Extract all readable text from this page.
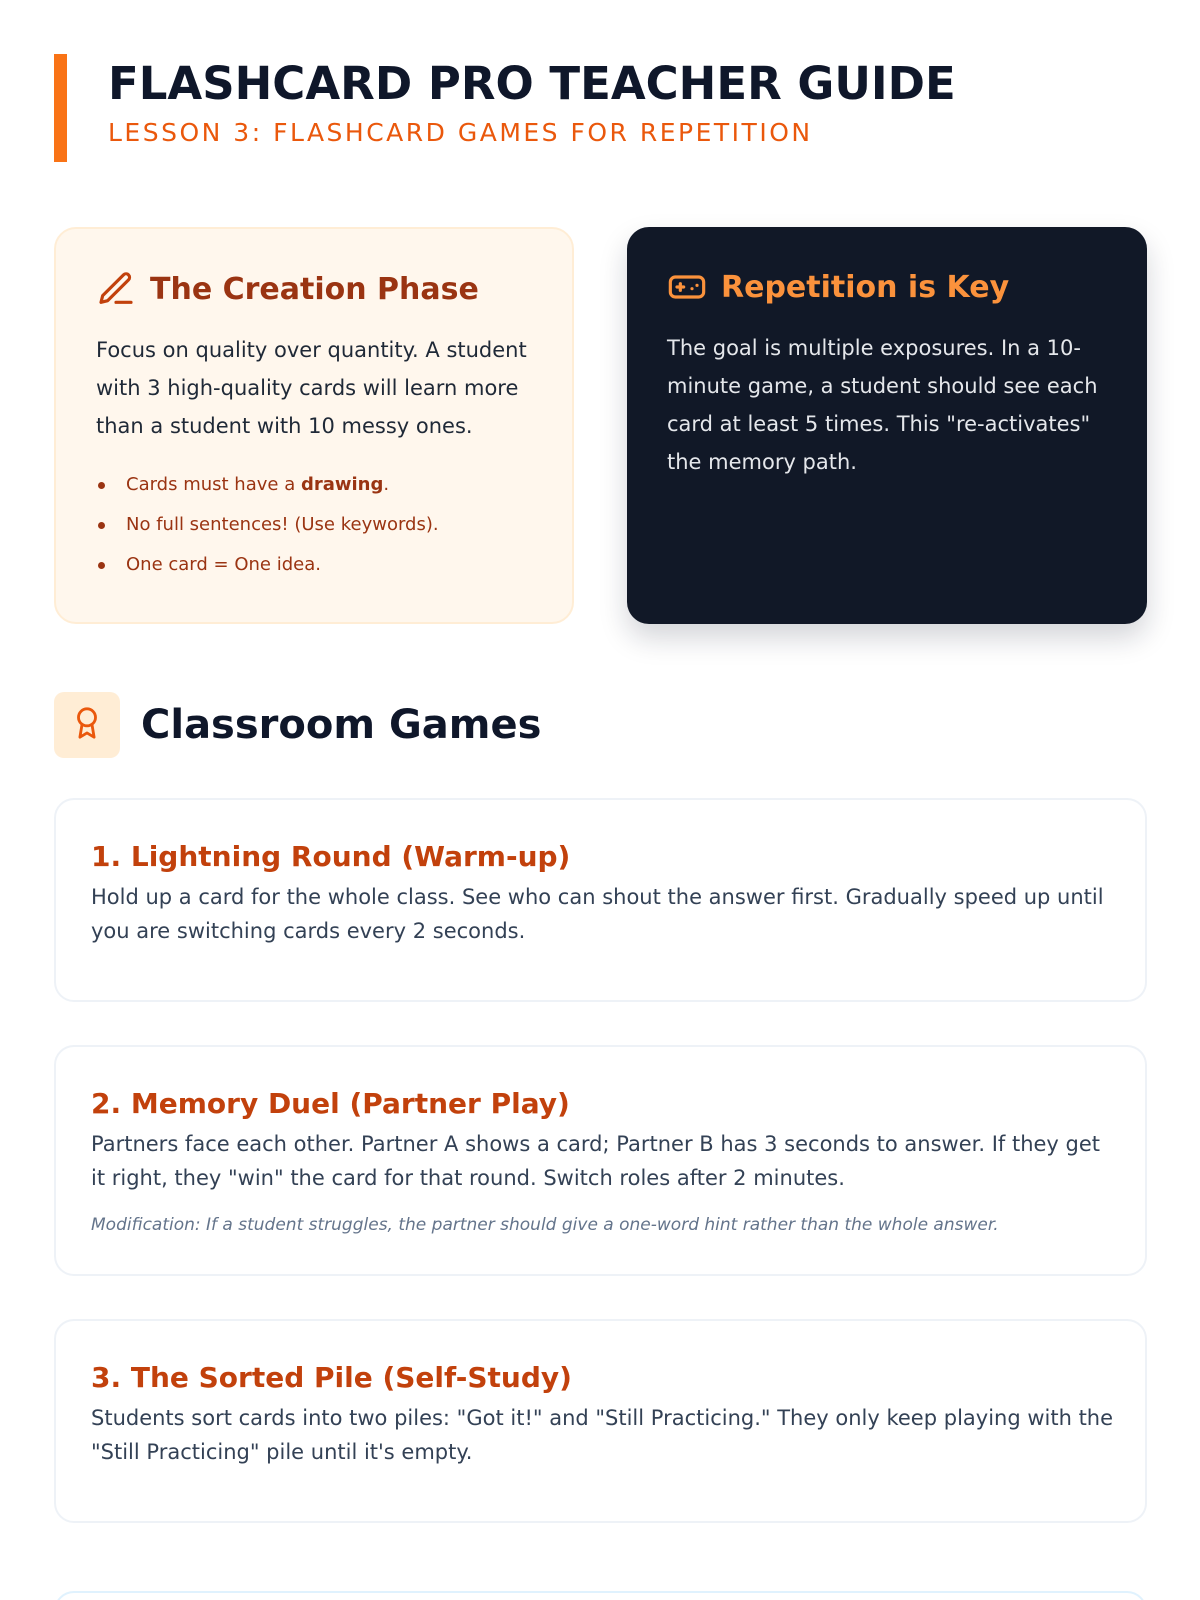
FLASHCARD PRO TEACHER GUIDE
LESSON 3: FLASHCARD GAMES FOR REPETITION
The Creation Phase

Focus on quality over quantity. A student with 3 high-quality cards will learn more than a student with 10 messy ones.

Cards must have a drawing.
No full sentences! (Use keywords).
One card = One idea.
Repetition is Key

The goal is multiple exposures. In a 10-minute game, a student should see each card at least 5 times. This "re-activates" the memory path.

Classroom Games
1. Lightning Round (Warm-up)

Hold up a card for the whole class. See who can shout the answer first. Gradually speed up until you are switching cards every 2 seconds.

2. Memory Duel (Partner Play)

Partners face each other. Partner A shows a card; Partner B has 3 seconds to answer. If they get it right, they "win" the card for that round. Switch roles after 2 minutes.

Modification: If a student struggles, the partner should give a one-word hint rather than the whole answer.

3. The Sorted Pile (Self-Study)

Students sort cards into two piles: "Got it!" and "Still Practicing." They only keep playing with the "Still Practicing" pile until it's empty.
